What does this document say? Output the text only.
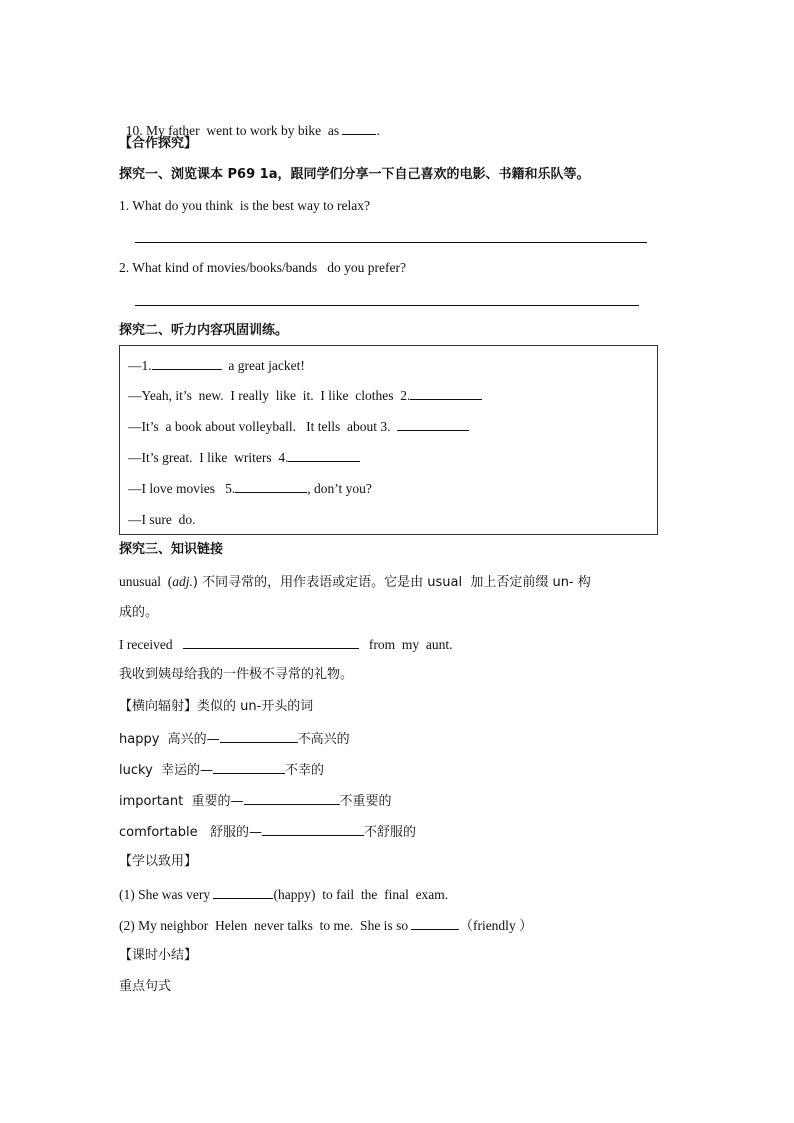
10. My father  went to work by bike  as	.

【合作探究】
探究一、浏览课本 P69 1a，跟同学们分享一下自己喜欢的电影、书籍和乐队等。
1. What do you think  is the best way to relax?
2. What kind of movies/books/bands   do you prefer?
探究二、听力内容巩固训练。
—1.	a great jacket!
—Yeah, it’s  new.  I really  like  it.  I like  clothes  2.
—It’s  a book about volleyball.   It tells  about 3.
—It’s great.  I like  writers  4.
—I love movies   5.	, don’t you?
—I sure  do.
探究三、知识链接
unusual  (adj.) 不同寻常的，用作表语或定语。它是由 usual  加上否定前缀 un- 构
成的。
I received	from  my  aunt.
我收到姨母给我的一件极不寻常的礼物。
【横向辐射】类似的 un-开头的词
happy  高兴的—	不高兴的
lucky  幸运的—	不幸的
important  重要的—	不重要的
comfortable   舒服的—	不舒服的
【学以致用】
(1) She was very	(happy)  to fail  the  final  exam.
(2) My neighbor  Helen  never talks  to me.  She is so	（friendly ）
【课时小结】
重点句式
